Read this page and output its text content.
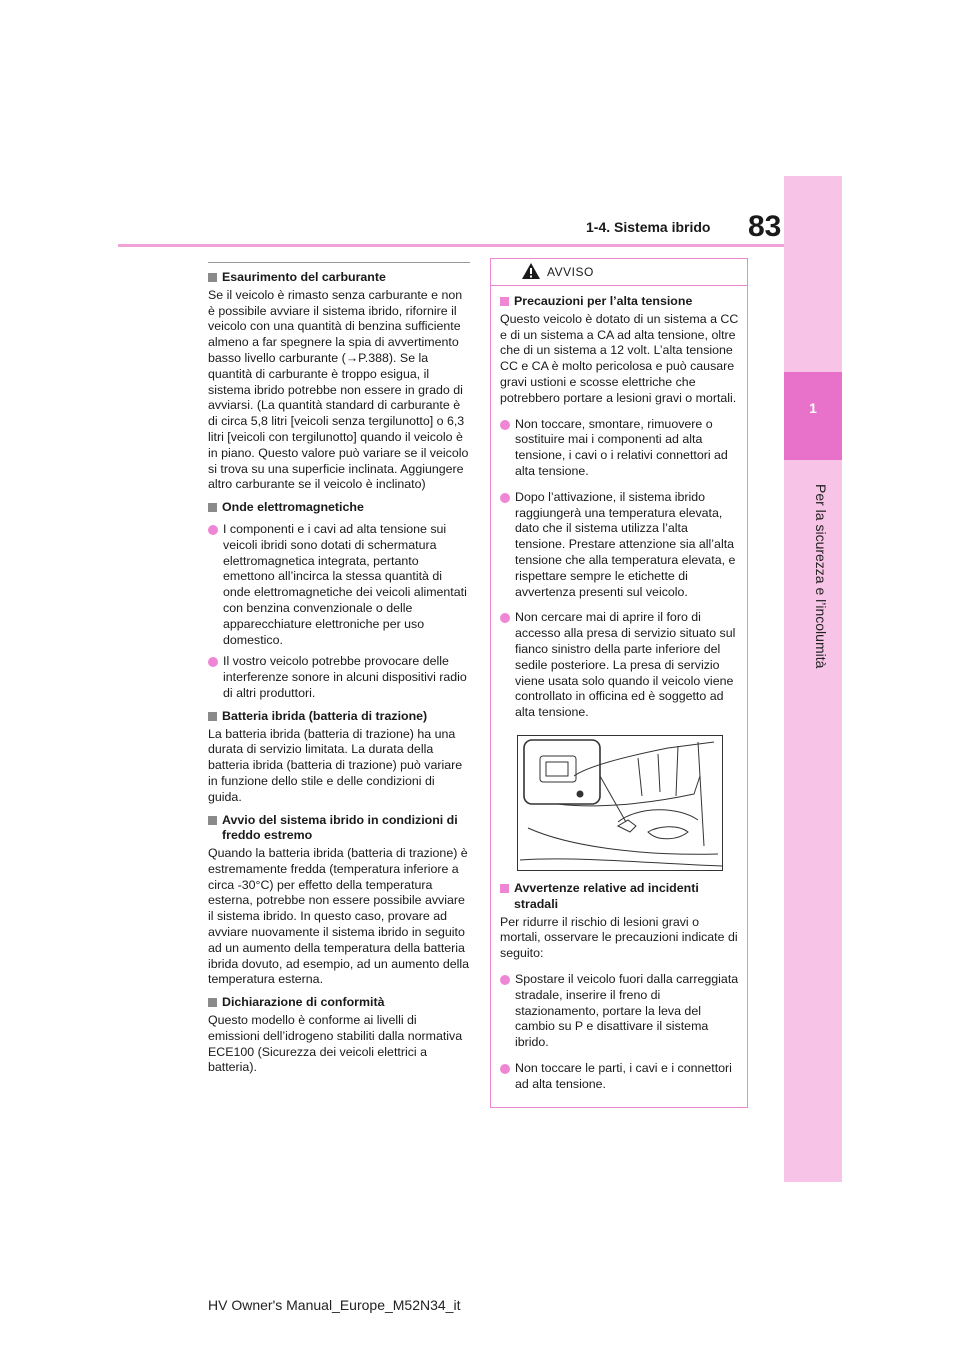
83
1-4. Sistema ibrido
1
Per la sicurezza e l’incolumità
Esaurimento del carburante

Se il veicolo è rimasto senza carburante e non è possibile avviare il sistema ibrido, rifornire il veicolo con una quantità di benzina sufficiente almeno a far spegnere la spia di avvertimento basso livello carburante (→P.388). Se la quantità di carburante è troppo esigua, il sistema ibrido potrebbe non essere in grado di avviarsi. (La quantità standard di carburante è di circa 5,8 litri [veicoli senza tergilunotto] o 6,3 litri [veicoli con tergilunotto] quando il veicolo è in piano. Questo valore può variare se il veicolo si trova su una superficie inclinata. Aggiungere altro carburante se il veicolo è inclinato)

Onde elettromagnetiche
I componenti e i cavi ad alta tensione sui veicoli ibridi sono dotati di schermatura elettromagnetica integrata, pertanto emettono all’incirca la stessa quantità di onde elettromagnetiche dei veicoli alimentati con benzina convenzionale o delle apparecchiature elettroniche per uso domestico.
Il vostro veicolo potrebbe provocare delle interferenze sonore in alcuni dispositivi radio di altri produttori.
Batteria ibrida (batteria di trazione)

La batteria ibrida (batteria di trazione) ha una durata di servizio limitata. La durata della batteria ibrida (batteria di trazione) può variare in funzione dello stile e delle condizioni di guida.

Avvio del sistema ibrido in condizioni di freddo estremo

Quando la batteria ibrida (batteria di trazione) è estremamente fredda (temperatura inferiore a circa -30°C) per effetto della temperatura esterna, potrebbe non essere possibile avviare il sistema ibrido. In questo caso, provare ad avviare nuovamente il sistema ibrido in seguito ad un aumento della temperatura della batteria ibrida dovuto, ad esempio, ad un aumento della temperatura esterna.

Dichiarazione di conformità

Questo modello è conforme ai livelli di emissioni dell’idrogeno stabiliti dalla normativa ECE100 (Sicurezza dei veicoli elettrici a batteria).

AVVISO
Precauzioni per l’alta tensione

Questo veicolo è dotato di un sistema a CC e di un sistema a CA ad alta tensione, oltre che di un sistema a 12 volt. L’alta tensione CC e CA è molto pericolosa e può causare gravi ustioni e scosse elettriche che potrebbero portare a lesioni gravi o mortali.

Non toccare, smontare, rimuovere o sostituire mai i componenti ad alta tensione, i cavi o i relativi connettori ad alta tensione.
Dopo l’attivazione, il sistema ibrido raggiungerà una temperatura elevata, dato che il sistema utilizza l’alta tensione. Prestare attenzione sia all’alta tensione che alla temperatura elevata, e rispettare sempre le etichette di avvertenza presenti sul veicolo.
Non cercare mai di aprire il foro di accesso alla presa di servizio situato sul fianco sinistro della parte inferiore del sedile posteriore. La presa di servizio viene usata solo quando il veicolo viene controllato in officina ed è soggetto ad alta tensione.
Avvertenze relative ad incidenti stradali

Per ridurre il rischio di lesioni gravi o mortali, osservare le precauzioni indicate di seguito:

Spostare il veicolo fuori dalla carreggiata stradale, inserire il freno di stazionamento, portare la leva del cambio su P e disattivare il sistema ibrido.
Non toccare le parti, i cavi e i connettori ad alta tensione.
HV Owner's Manual_Europe_M52N34_it
